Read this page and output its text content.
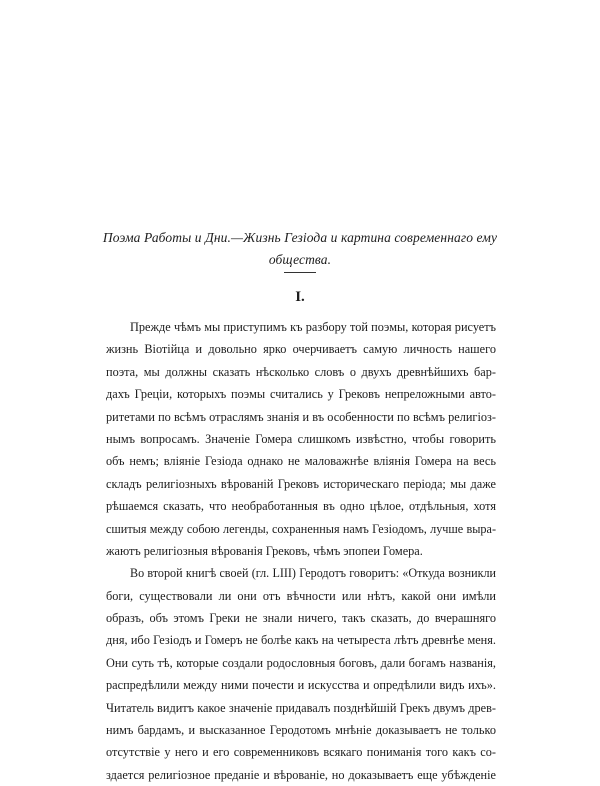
Поэма Работы и Дни.—Жизнь Гезіода и картина современнаго ему
общества.
I.
Прежде чѣмъ мы приступимъ къ разбору той поэмы, которая рисуетъ
жизнь Віотійца и довольно ярко очерчиваетъ самую личность нашего
поэта, мы должны сказать нѣсколько словъ о двухъ древнѣйшихъ бар-
дахъ Греціи, которыхъ поэмы считались у Грековъ непреложными авто-
ритетами по всѣмъ отраслямъ знанія и въ особенности по всѣмъ религіоз-
нымъ вопросамъ. Значеніе Гомера слишкомъ извѣстно, чтобы говорить
объ немъ; вліяніе Гезіода однако не маловажнѣе вліянія Гомера на весь
складъ религіозныхъ вѣрованій Грековъ историческаго періода; мы даже
рѣшаемся сказать, что необработанныя въ одно цѣлое, отдѣльныя, хотя
сшитыя между собою легенды, сохраненныя намъ Гезіодомъ, лучше выра-
жаютъ религіозныя вѣрованія Грековъ, чѣмъ эпопеи Гомера.
Во второй книгѣ своей (гл. LIII) Геродотъ говоритъ: «Откуда возникли
боги, существовали ли они отъ вѣчности или нѣтъ, какой они имѣли
образъ, объ этомъ Греки не знали ничего, такъ сказать, до вчерашняго
дня, ибо Гезіодъ и Гомеръ не болѣе какъ на четыреста лѣтъ древнѣе меня.
Они суть тѣ, которые создали родословныя боговъ, дали богамъ названія,
распредѣлили между ними почести и искусства и опредѣлили видъ ихъ».
Читатель видитъ какое значеніе придавалъ позднѣйшій Грекъ двумъ древ-
нимъ бардамъ, и высказанное Геродотомъ мнѣніе доказываетъ не только
отсутствіе у него и его современниковъ всякаго пониманія того какъ со-
здается религіозное преданіе и вѣрованіе, но доказываетъ еще убѣжденіе
